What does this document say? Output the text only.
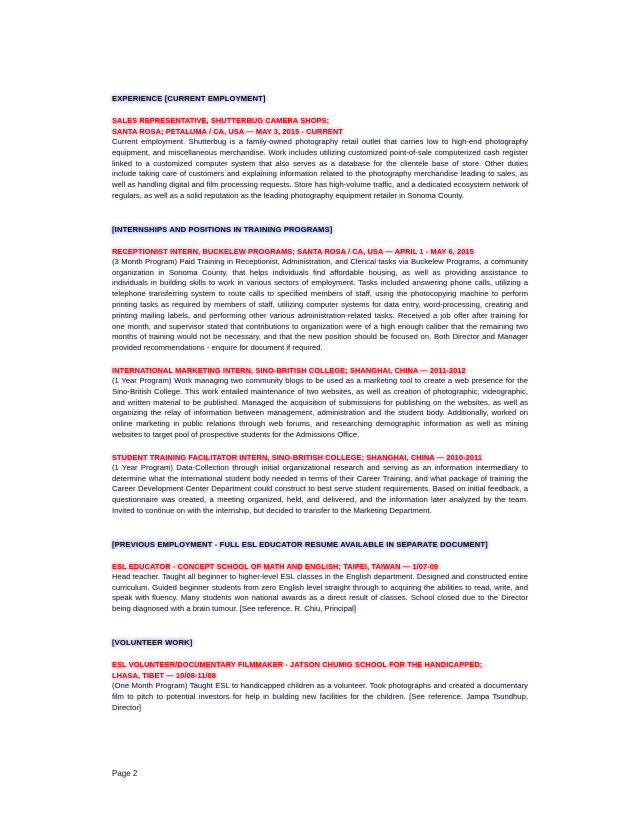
EXPERIENCE [CURRENT EMPLOYMENT]

SALES REPRESENTATIVE, SHUTTERBUG CAMERA SHOPS;

SANTA ROSA; PETALUMA / CA, USA — MAY 3, 2015 - CURRENT

Current employment. Shutterbug is a family-owned photography retail outlet that carries low to high-end photography equipment, and miscellaneous merchandise. Work includes utilizing customized point-of-sale computerized cash register linked to a customized computer system that also serves as a database for the clientele base of store. Other duties include taking care of customers and explaining information related to the photography merchandise leading to sales, as well as handling digital and film processing requests. Store has high-volume traffic, and a dedicated ecosystem network of regulars, as well as a solid reputation as the leading photography equipment retailer in Sonoma County.

[INTERNSHIPS AND POSITIONS IN TRAINING PROGRAMS]

RECEPTIONIST INTERN, BUCKELEW PROGRAMS; SANTA ROSA / CA, USA — APRIL 1 - MAY 6, 2015

(3 Month Program) Paid Training in Receptionist, Administration, and Clerical tasks via Buckelew Programs, a community organization in Sonoma County, that helps individuals find affordable housing, as well as providing assistance to individuals in building skills to work in various sectors of employment. Tasks included answering phone calls, utilizing a telephone transferring system to route calls to specified members of staff, using the photocopying machine to perform printing tasks as required by members of staff, utilizing computer systems for data entry, word-processing, creating and printing mailing labels, and performing other various administration-related tasks. Received a job offer after training for one month, and supervisor stated that contributions to organization were of a high enough caliber that the remaining two months of training would not be necessary, and that the new position should be focused on. Both Director and Manager provided recommendations - enquire for document if required.

INTERNATIONAL MARKETING INTERN, SINO-BRITISH COLLEGE; SHANGHAI, CHINA — 2011-2012

(1 Year Program) Work managing two community blogs to be used as a marketing tool to create a web presence for the Sino-British College. This work entailed maintenance of two websites, as well as creation of photographic, videographic, and written material to be published. Managed the acquisition of submissions for publishing on the websites, as well as organizing the relay of information between management, administration and the student body. Additionally, worked on online marketing in public relations through web forums, and researching demographic information as well as mining websites to target pool of prospective students for the Admissions Office.

STUDENT TRAINING FACILITATOR INTERN, SINO-BRITISH COLLEGE; SHANGHAI, CHINA — 2010-2011

(1 Year Program) Data-Collection through initial organizational research and serving as an information intermediary to determine what the international student body needed in terms of their Career Training, and what package of training the Career Development Center Department could construct to best serve student requirements. Based on initial feedback, a questionnaire was created, a meeting organized, held, and delivered, and the information later analyzed by the team. Invited to continue on with the internship, but decided to transfer to the Marketing Department.

[PREVIOUS EMPLOYMENT - FULL ESL EDUCATOR RESUME AVAILABLE IN SEPARATE DOCUMENT]

ESL EDUCATOR - CONCEPT SCHOOL OF MATH AND ENGLISH; TAIPEI, TAIWAN — 1/07-09

Head teacher. Taught all beginner to higher-level ESL classes in the English department. Designed and constructed entire curriculum. Guided beginner students from zero English level straight through to acquiring the abilities to read, write, and speak with fluency. Many students won national awards as a direct result of classes. School closed due to the Director being diagnosed with a brain tumour. [See reference. R. Chiu, Principal]

[VOLUNTEER WORK]

ESL VOLUNTEER/DOCUMENTARY FILMMAKER - JATSON CHUMIG SCHOOL FOR THE HANDICAPPED;

LHASA, TIBET — 10/08-11/08

(One Month Program) Taught ESL to handicapped children as a volunteer. Took photographs and created a documentary film to pitch to potential investors for help in building new facilities for the children. [See reference. Jampa Tsundhup, Director]

Page 2
